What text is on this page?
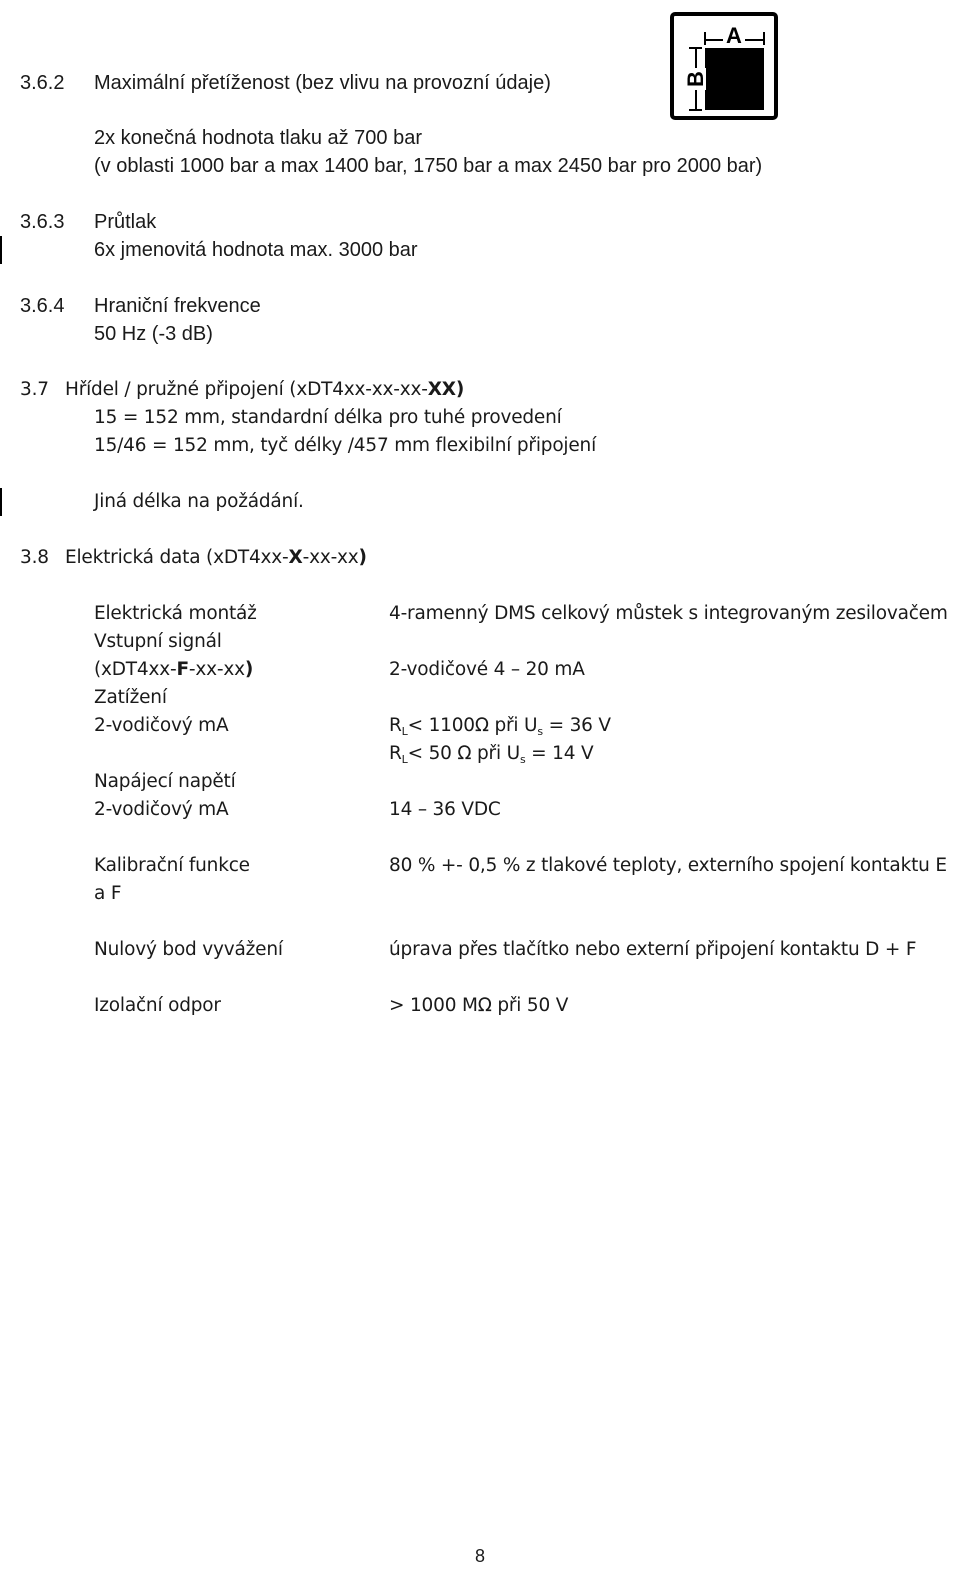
A
B
3.6.2 Maximální přetíženost (bez vlivu na provozní údaje)
2x konečná hodnota tlaku až 700 bar
(v oblasti 1000 bar a max 1400 bar, 1750 bar a max 2450 bar pro 2000 bar)
3.6.3 Průtlak
6x jmenovitá hodnota max. 3000 bar
3.6.4 Hraniční frekvence
50 Hz (-3 dB)
3.7 Hřídel / pružné připojení (xDT4xx-xx-xx-XX)
15 = 152 mm, standardní délka pro tuhé provedení
15/46 = 152 mm, tyč délky /457 mm flexibilní připojení
Jiná délka na požádání.
3.8 Elektrická data (xDT4xx-X-xx-xx)
Elektrická montáž
Vstupní signál
(xDT4xx-F-xx-xx)
Zatížení
2-vodičový mA
Napájecí napětí
2-vodičový mA
Kalibrační funkce
a F
Nulový bod vyvážení
Izolační odpor
4-ramenný DMS celkový můstek s integrovaným zesilovačem
2-vodičové 4 – 20 mA
$R_L< 1100\Omega$ při $U_s = 36$ V
$R_L< 50$ Ω při $U_s = 14$ V
14 – 36 VDC
80 % +- 0,5 % z tlakové teploty, externího spojení kontaktu E
úprava přes tlačítko nebo externí připojení kontaktu D + F
> 1000 MΩ při 50 V
8
